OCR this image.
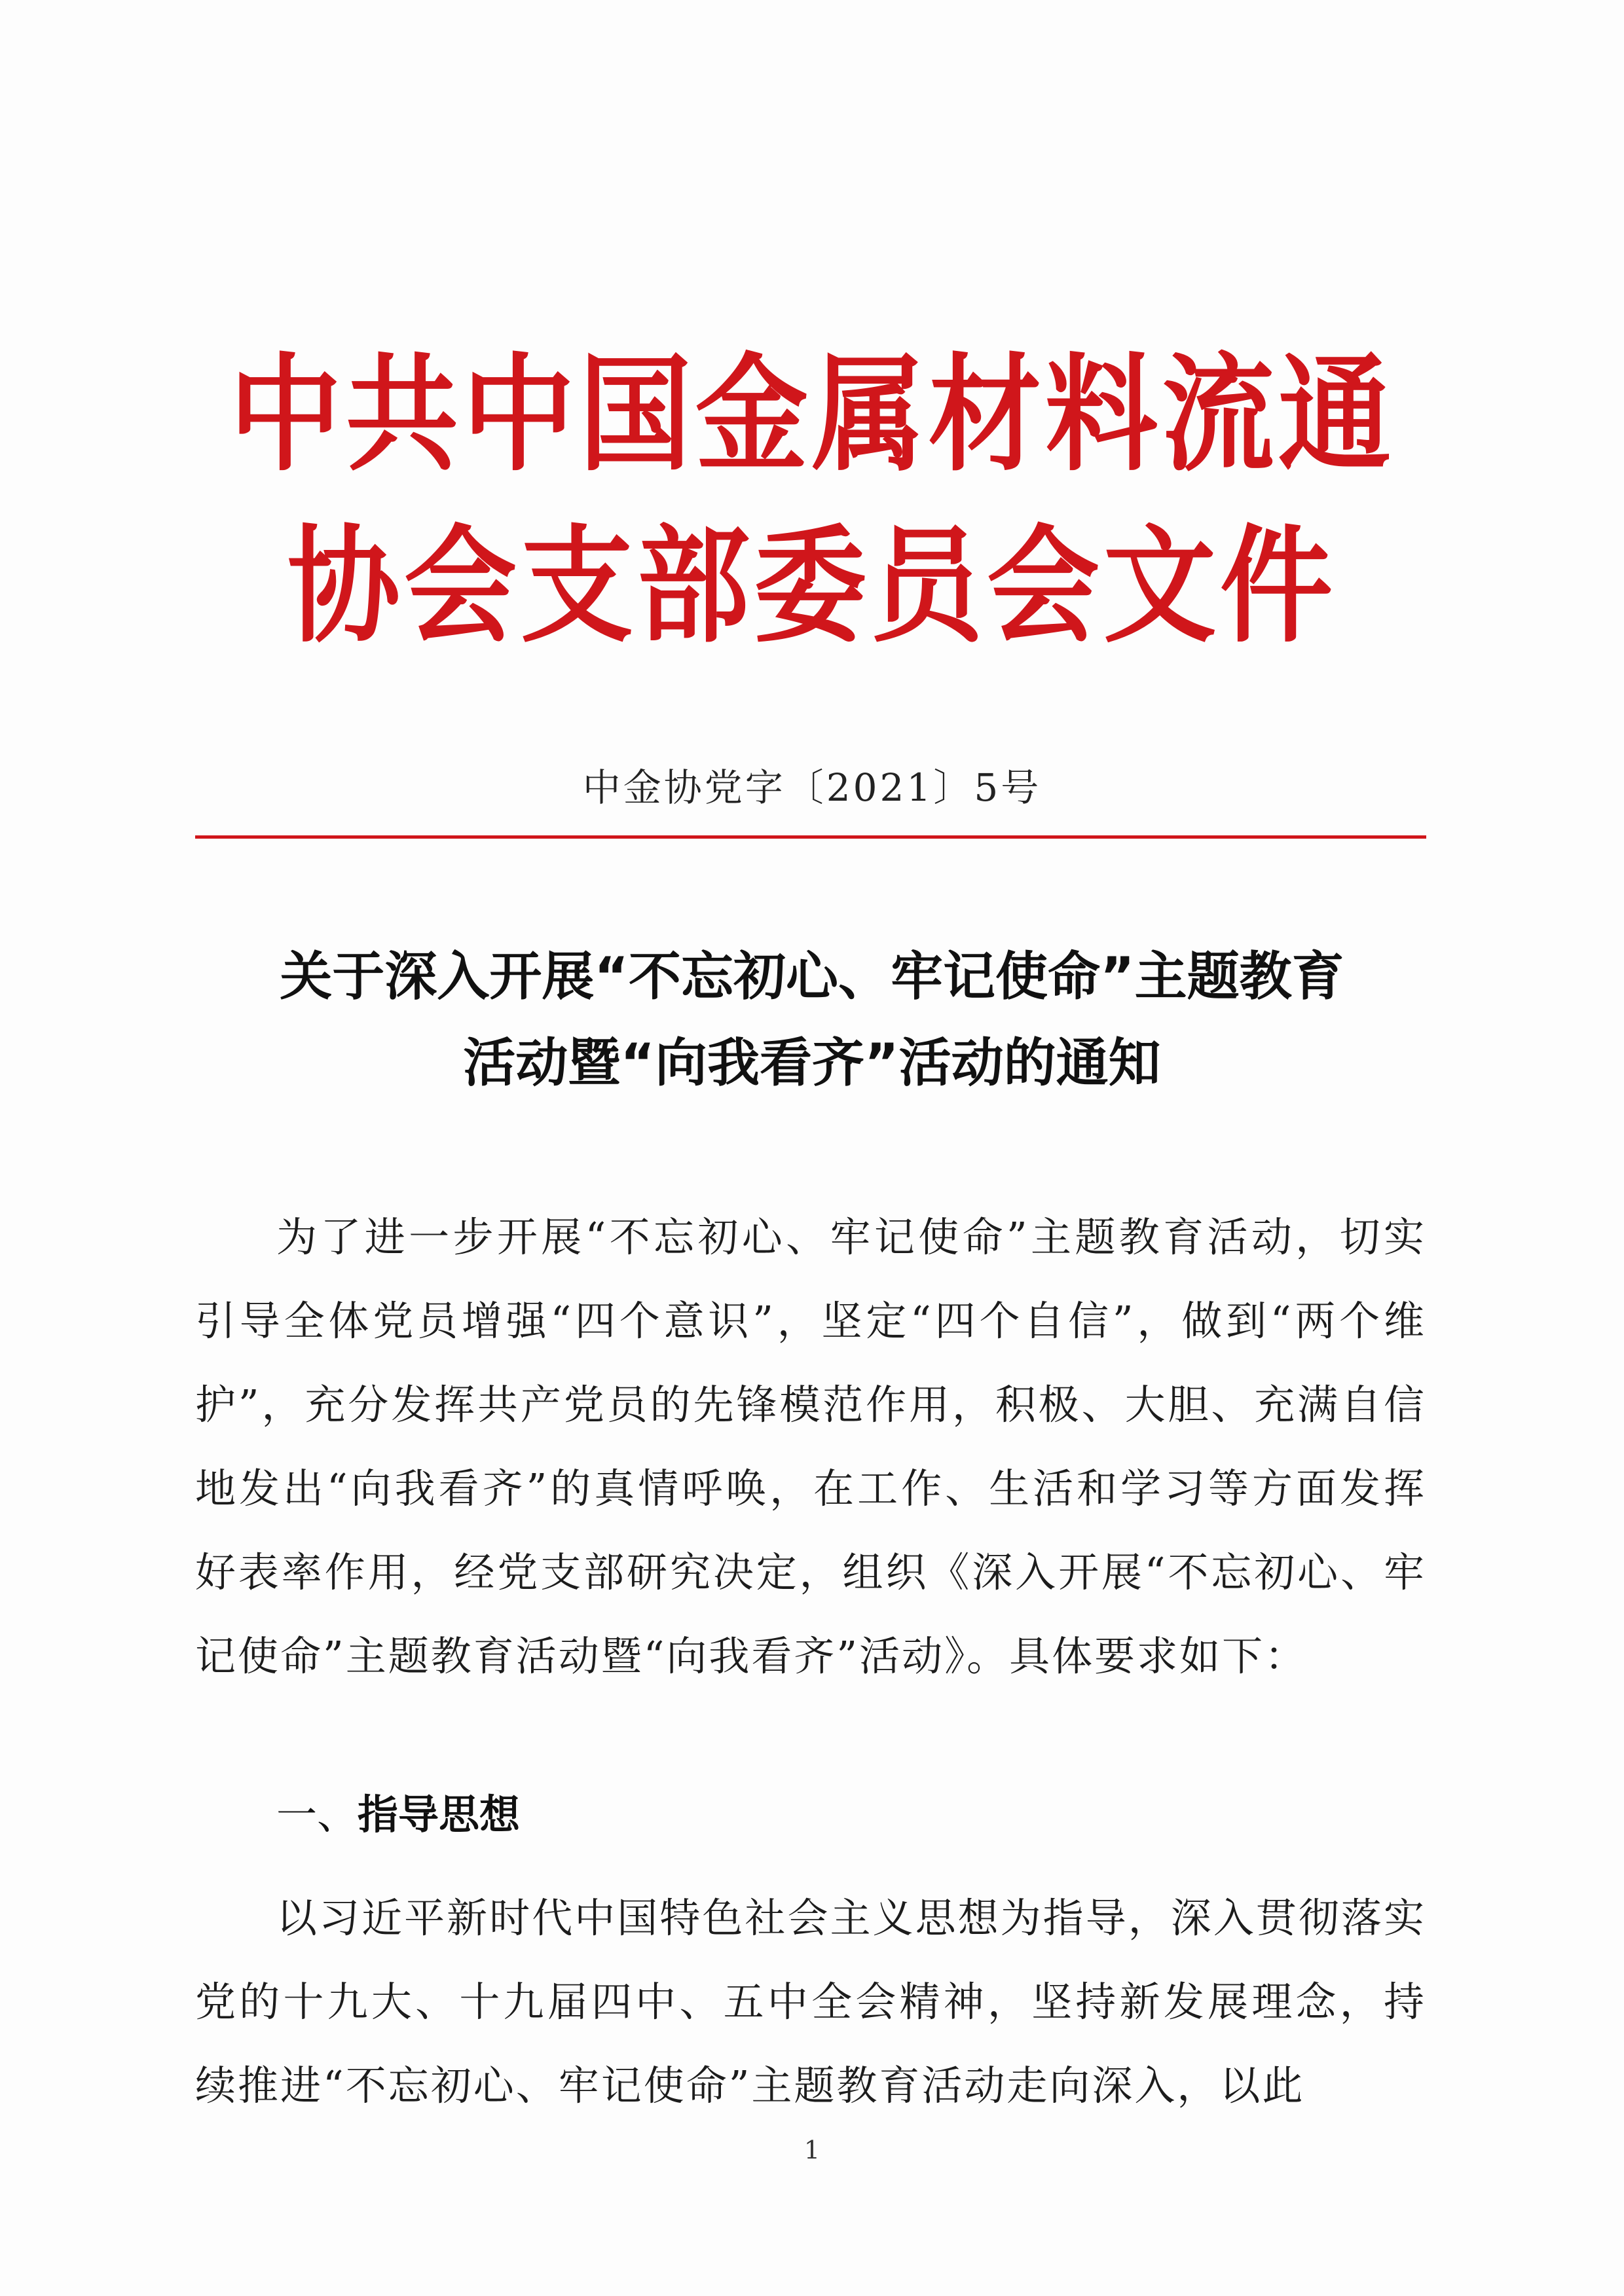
中共中国金属材料流通
协会支部委员会文件
中金协党字〔2021〕5号
关于深入开展“不忘初心、牢记使命”主题教育
活动暨“向我看齐”活动的通知
为了进一步开展“不忘初心、牢记使命”主题教育活动，切实引导全体党员增强“四个意识”，坚定“四个自信”，做到“两个维护”，充分发挥共产党员的先锋模范作用，积极、大胆、充满自信地发出“向我看齐”的真情呼唤，在工作、生活和学习等方面发挥好表率作用，经党支部研究决定，组织《深入开展“不忘初心、牢记使命”主题教育活动暨“向我看齐”活动》。具体要求如下：
一、指导思想
以习近平新时代中国特色社会主义思想为指导，深入贯彻落实党的十九大、十九届四中、五中全会精神，坚持新发展理念，持续推进“不忘初心、牢记使命”主题教育活动走向深入，以此
1
